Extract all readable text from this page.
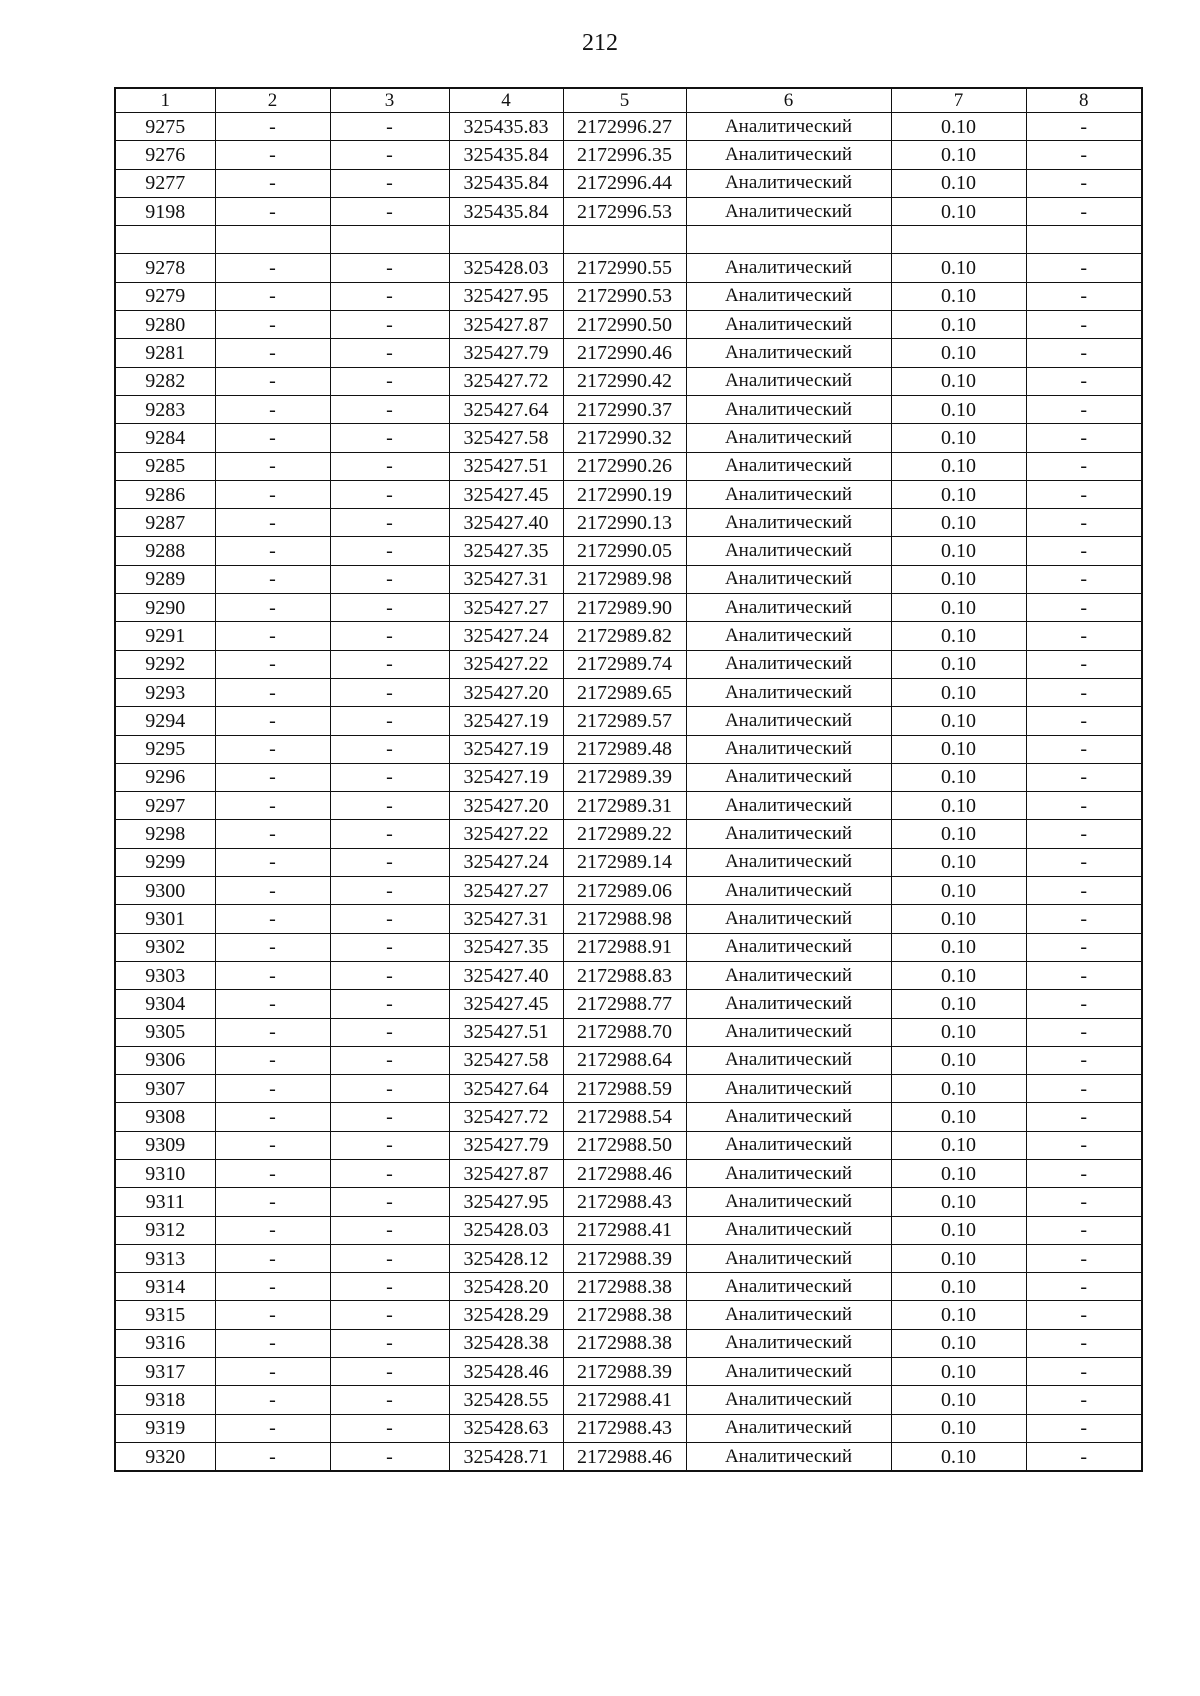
212
1	2	3	4	5	6	7	8
9275	-	-	325435.83	2172996.27	Аналитический	0.10	-
9276	-	-	325435.84	2172996.35	Аналитический	0.10	-
9277	-	-	325435.84	2172996.44	Аналитический	0.10	-
9198	-	-	325435.84	2172996.53	Аналитический	0.10	-

9278	-	-	325428.03	2172990.55	Аналитический	0.10	-
9279	-	-	325427.95	2172990.53	Аналитический	0.10	-
9280	-	-	325427.87	2172990.50	Аналитический	0.10	-
9281	-	-	325427.79	2172990.46	Аналитический	0.10	-
9282	-	-	325427.72	2172990.42	Аналитический	0.10	-
9283	-	-	325427.64	2172990.37	Аналитический	0.10	-
9284	-	-	325427.58	2172990.32	Аналитический	0.10	-
9285	-	-	325427.51	2172990.26	Аналитический	0.10	-
9286	-	-	325427.45	2172990.19	Аналитический	0.10	-
9287	-	-	325427.40	2172990.13	Аналитический	0.10	-
9288	-	-	325427.35	2172990.05	Аналитический	0.10	-
9289	-	-	325427.31	2172989.98	Аналитический	0.10	-
9290	-	-	325427.27	2172989.90	Аналитический	0.10	-
9291	-	-	325427.24	2172989.82	Аналитический	0.10	-
9292	-	-	325427.22	2172989.74	Аналитический	0.10	-
9293	-	-	325427.20	2172989.65	Аналитический	0.10	-
9294	-	-	325427.19	2172989.57	Аналитический	0.10	-
9295	-	-	325427.19	2172989.48	Аналитический	0.10	-
9296	-	-	325427.19	2172989.39	Аналитический	0.10	-
9297	-	-	325427.20	2172989.31	Аналитический	0.10	-
9298	-	-	325427.22	2172989.22	Аналитический	0.10	-
9299	-	-	325427.24	2172989.14	Аналитический	0.10	-
9300	-	-	325427.27	2172989.06	Аналитический	0.10	-
9301	-	-	325427.31	2172988.98	Аналитический	0.10	-
9302	-	-	325427.35	2172988.91	Аналитический	0.10	-
9303	-	-	325427.40	2172988.83	Аналитический	0.10	-
9304	-	-	325427.45	2172988.77	Аналитический	0.10	-
9305	-	-	325427.51	2172988.70	Аналитический	0.10	-
9306	-	-	325427.58	2172988.64	Аналитический	0.10	-
9307	-	-	325427.64	2172988.59	Аналитический	0.10	-
9308	-	-	325427.72	2172988.54	Аналитический	0.10	-
9309	-	-	325427.79	2172988.50	Аналитический	0.10	-
9310	-	-	325427.87	2172988.46	Аналитический	0.10	-
9311	-	-	325427.95	2172988.43	Аналитический	0.10	-
9312	-	-	325428.03	2172988.41	Аналитический	0.10	-
9313	-	-	325428.12	2172988.39	Аналитический	0.10	-
9314	-	-	325428.20	2172988.38	Аналитический	0.10	-
9315	-	-	325428.29	2172988.38	Аналитический	0.10	-
9316	-	-	325428.38	2172988.38	Аналитический	0.10	-
9317	-	-	325428.46	2172988.39	Аналитический	0.10	-
9318	-	-	325428.55	2172988.41	Аналитический	0.10	-
9319	-	-	325428.63	2172988.43	Аналитический	0.10	-
9320	-	-	325428.71	2172988.46	Аналитический	0.10	-
